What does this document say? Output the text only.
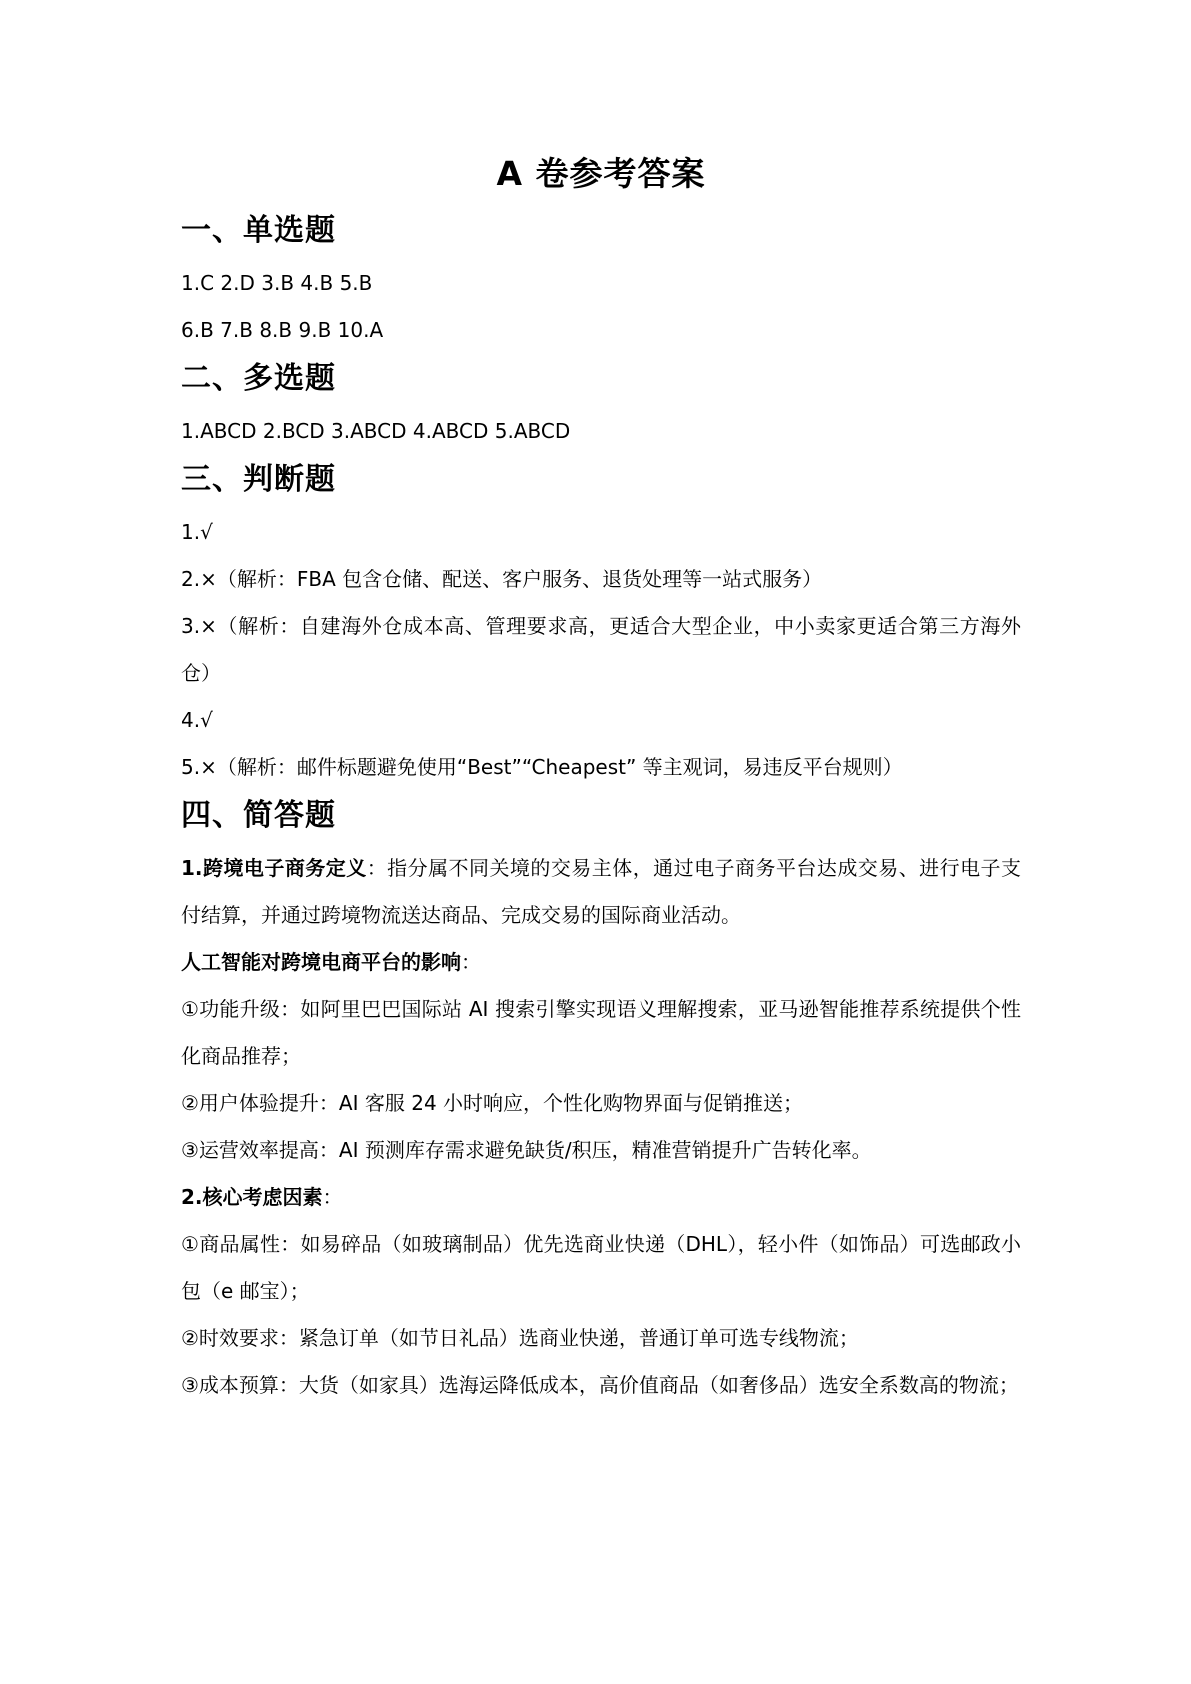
A 卷参考答案
一、单选题

1.C 2.D 3.B 4.B 5.B

6.B 7.B 8.B 9.B 10.A

二、多选题

1.ABCD 2.BCD 3.ABCD 4.ABCD 5.ABCD

三、判断题

1.√

2.×（解析：FBA 包含仓储、配送、客户服务、退货处理等一站式服务）

3.×（解析：自建海外仓成本高、管理要求高，更适合大型企业，中小卖家更适合第三方海外仓）

4.√

5.×（解析：邮件标题避免使用“Best”“Cheapest” 等主观词，易违反平台规则）

四、简答题

1.跨境电子商务定义：指分属不同关境的交易主体，通过电子商务平台达成交易、进行电子支付结算，并通过跨境物流送达商品、完成交易的国际商业活动。

人工智能对跨境电商平台的影响：

①功能升级：如阿里巴巴国际站 AI 搜索引擎实现语义理解搜索，亚马逊智能推荐系统提供个性化商品推荐；

②用户体验提升：AI 客服 24 小时响应，个性化购物界面与促销推送；

③运营效率提高：AI 预测库存需求避免缺货/积压，精准营销提升广告转化率。

2.核心考虑因素：

①商品属性：如易碎品（如玻璃制品）优先选商业快递（DHL），轻小件（如饰品）可选邮政小包（e 邮宝）；

②时效要求：紧急订单（如节日礼品）选商业快递，普通订单可选专线物流；

③成本预算：大货（如家具）选海运降低成本，高价值商品（如奢侈品）选安全系数高的物流；
